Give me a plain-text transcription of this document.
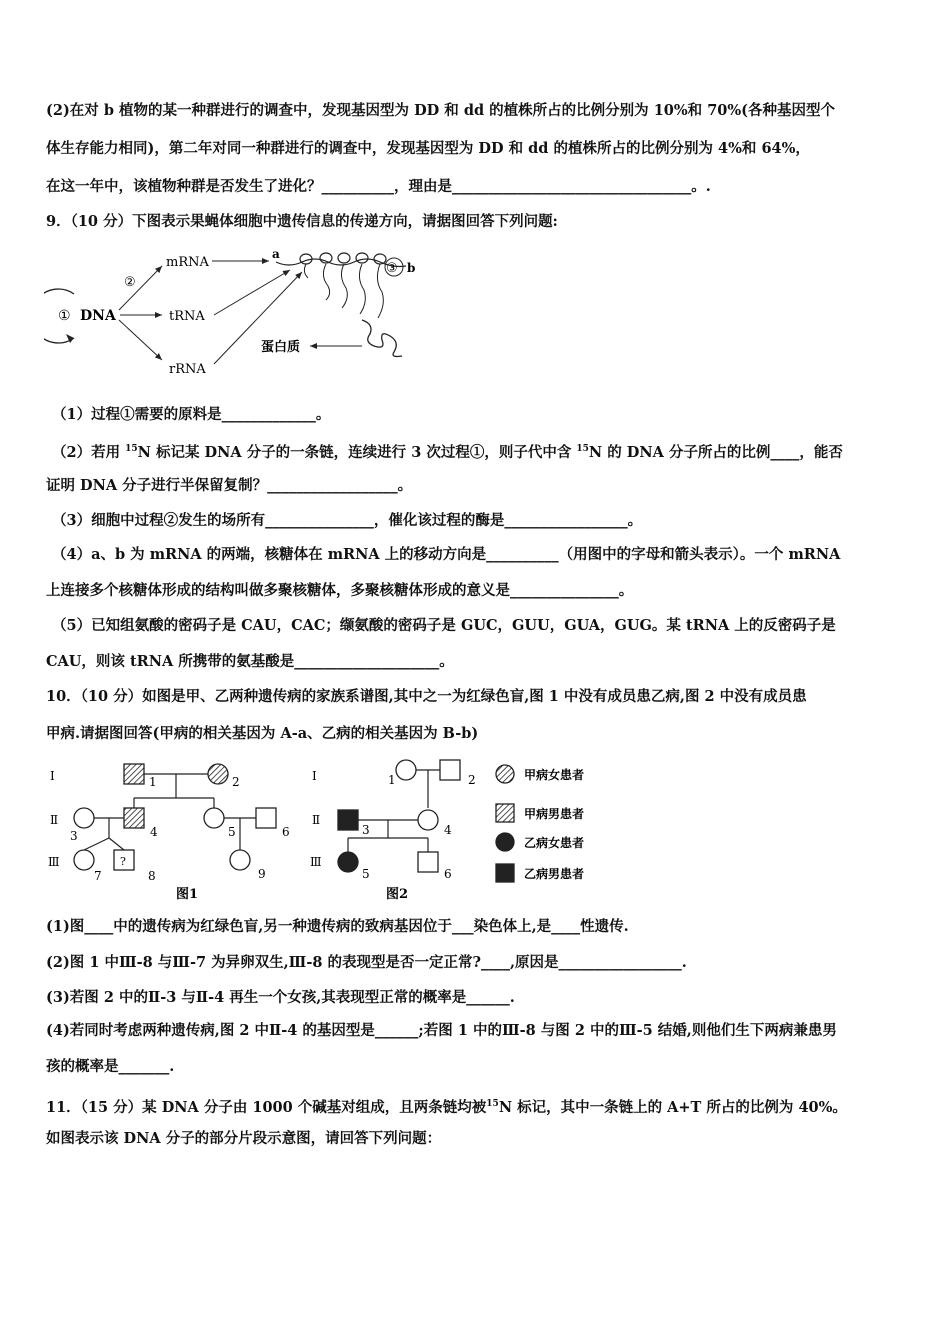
(2)在对 b 植物的某一种群进行的调查中，发现基因型为 DD 和 dd 的植株所占的比例分别为 10%和 70%(各种基因型个
体生存能力相同)，第二年对同一种群进行的调查中，发现基因型为 DD 和 dd 的植株所占的比例分别为 4%和 64%，
在这一年中，该植物种群是否发生了进化？__________，理由是_________________________________。.
9．（10 分）下图表示果蝇体细胞中遗传信息的传递方向，请据图回答下列问题:
① DNA
②
mRNA
tRNA
rRNA
a
③ b
蛋白质
（1）过程①需要的原料是_____________。
（2）若用 $^{15}$N 标记某 DNA 分子的一条链，连续进行 3 次过程①，则子代中含 $^{15}$N 的 DNA 分子所占的比例____，能否
证明 DNA 分子进行半保留复制？__________________。
（3）细胞中过程②发生的场所有_______________，催化该过程的酶是_________________。
（4）a、b 为 mRNA 的两端，核糖体在 mRNA 上的移动方向是__________（用图中的字母和箭头表示）。一个 mRNA
上连接多个核糖体形成的结构叫做多聚核糖体，多聚核糖体形成的意义是_______________。
（5）已知组氨酸的密码子是 CAU，CAC；缬氨酸的密码子是 GUC，GUU，GUA，GUG。某 tRNA 上的反密码子是
CAU，则该 tRNA 所携带的氨基酸是____________________。
10．（10 分）如图是甲、乙两种遗传病的家族系谱图,其中之一为红绿色盲,图 1 中没有成员患乙病,图 2 中没有成员患
甲病.请据图回答(甲病的相关基因为 A-a、乙病的相关基因为 B-b)
Ⅰ
Ⅱ
Ⅲ
1	2
3	4	5	6
7
?
8	9
图1
Ⅰ
Ⅱ
Ⅲ
1	2
3	4
5	6
图2
甲病女患者
甲病男患者
乙病女患者
乙病男患者
(1)图____中的遗传病为红绿色盲,另一种遗传病的致病基因位于___染色体上,是____性遗传.
(2)图 1 中Ⅲ-8 与Ⅲ-7 为异卵双生,Ⅲ-8 的表现型是否一定正常?____,原因是_________________.
(3)若图 2 中的Ⅱ-3 与Ⅱ-4 再生一个女孩,其表现型正常的概率是______.
(4)若同时考虑两种遗传病,图 2 中Ⅱ-4 的基因型是______;若图 1 中的Ⅲ-8 与图 2 中的Ⅲ-5 结婚,则他们生下两病兼患男
孩的概率是_______.
11．（15 分）某 DNA 分子由 1000 个碱基对组成，且两条链均被$^{15}$N 标记，其中一条链上的 A+T 所占的比例为 40%。
如图表示该 DNA 分子的部分片段示意图，请回答下列问题：
